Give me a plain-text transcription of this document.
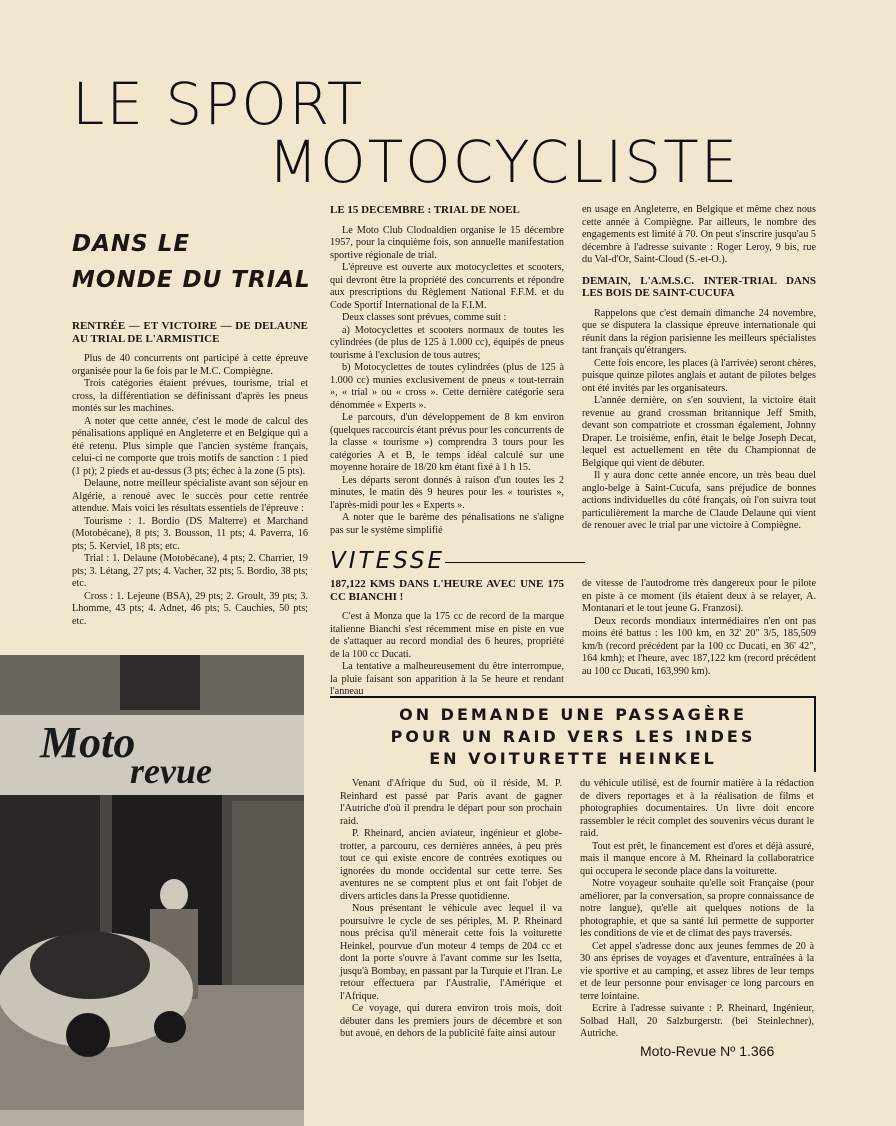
LE SPORT
MOTOCYCLISTE
DANS LE
MONDE DU TRIAL
RENTRÉE — ET VICTOIRE — DE DELAUNE AU TRIAL DE L'ARMISTICE

Plus de 40 concurrents ont participé à cette épreuve organisée pour la 6e fois par le M.C. Compiègne.

Trois catégories étaient prévues, tourisme, trial et cross, la différentiation se définissant d'après les pneus montés sur les machines.

A noter que cette année, c'est le mode de calcul des pénalisations appliqué en Angleterre et en Belgique qui a été retenu. Plus simple que l'ancien système français, celui-ci ne comporte que trois motifs de sanction : 1 pied (1 pt); 2 pieds et au-dessus (3 pts; échec à la zone (5 pts).

Delaune, notre meilleur spécialiste avant son séjour en Algérie, a renoué avec le succès pour cette rentrée attendue. Mais voici les résultats essentiels de l'épreuve :

Tourisme : 1. Bordio (DS Malterre) et Marchand (Motobécane), 8 pts; 3. Bousson, 11 pts; 4. Paverra, 16 pts; 5. Kerviel, 18 pts; etc.

Trial : 1. Delaune (Motobécane), 4 pts; 2. Charrier, 19 pts; 3. Létang, 27 pts; 4. Vacher, 32 pts; 5. Bordio, 38 pts; etc.

Cross : 1. Lejeune (BSA), 29 pts; 2. Groult, 39 pts; 3. Lhomme, 43 pts; 4. Adnet, 46 pts; 5. Cauchies, 50 pts; etc.

LE 15 DECEMBRE : TRIAL DE NOEL

Le Moto Club Clodoaldien organise le 15 décembre 1957, pour la cinquième fois, son annuelle manifestation sportive régionale de trial.

L'épreuve est ouverte aux motocyclettes et scooters, qui devront être la propriété des concurrents et répondre aux prescriptions du Règlement National F.F.M. et du Code Sportif International de la F.I.M.

Deux classes sont prévues, comme suit :

a) Motocyclettes et scooters normaux de toutes les cylindrées (de plus de 125 à 1.000 cc), équipés de pneus tourisme à l'exclusion de tous autres;

b) Motocyclettes de toutes cylindrées (plus de 125 à 1.000 cc) munies exclusivement de pneus « tout-terrain », « trial » ou « cross ». Cette dernière catégorie sera dénommée « Experts ».

Le parcours, d'un développement de 8 km environ (quelques raccourcis étant prévus pour les concurrents de la classe « tourisme ») comprendra 3 tours pour les catégories A et B, le temps idéal calculé sur une moyenne horaire de 18/20 km étant fixé à 1 h 15.

Les départs seront donnés à raison d'un toutes les 2 minutes, le matin dès 9 heures pour les « touristes », l'après-midi pour les « Experts ».

A noter que le barème des pénalisations ne s'aligne pas sur le système simplifié

en usage en Angleterre, en Belgique et même chez nous cette année à Compiègne. Par ailleurs, le nombre des engagements est limité à 70. On peut s'inscrire jusqu'au 5 décembre à l'adresse suivante : Roger Leroy, 9 bis, rue du Val-d'Or, Saint-Cloud (S.-et-O.).

DEMAIN, L'A.M.S.C. INTER-TRIAL DANS LES BOIS DE SAINT-CUCUFA

Rappelons que c'est demain dimanche 24 novembre, que se disputera la classique épreuve internationale qui réunit dans la région parisienne les meilleurs spécialistes tant français qu'étrangers.

Cette fois encore, les places (à l'arrivée) seront chères, puisque quinze pilotes anglais et autant de pilotes belges ont été invités par les organisateurs.

L'année dernière, on s'en souvient, la victoire était revenue au grand crossman britannique Jeff Smith, devant son compatriote et crossman également, Johnny Draper. Le troisième, enfin, était le belge Joseph Decat, lequel est actuellement en tête du Championnat de Belgique qui vient de débuter.

Il y aura donc cette année encore, un très beau duel anglo-belge à Saint-Cucufa, sans préjudice de bonnes actions individuelles du côté français, où l'on suivra tout particulièrement la marche de Claude Delaune qui vient de renouer avec le trial par une victoire à Compiègne.

VITESSE
187,122 KMS DANS L'HEURE AVEC UNE 175 CC BIANCHI !

C'est à Monza que la 175 cc de record de la marque italienne Bianchi s'est récemment mise en piste en vue de s'attaquer au record mondial des 6 heures, propriété de la 100 cc Ducati.

La tentative a malheureusement du être interrompue, la pluie faisant son apparition à la 5e heure et rendant l'anneau

de vitesse de l'autodrome très dangereux pour le pilote en piste à ce moment (ils étaient deux à se relayer, A. Montanari et le tout jeune G. Franzosi).

Deux records mondiaux intermédiaires n'en ont pas moins été battus : les 100 km, en 32' 20" 3/5, 185,509 km/h (record précédent par la 100 cc Ducati, en 36' 42", 164 kmh); et l'heure, avec 187,122 km (record précédent au 100 cc Ducati, 163,990 km).

ON DEMANDE UNE PASSAGÈRE
POUR UN RAID VERS LES INDES
EN VOITURETTE HEINKEL

Venant d'Afrique du Sud, où il réside, M. P. Reinhard est passé par Paris avant de gagner l'Autriche d'où il prendra le départ pour son prochain raid.

P. Rheinard, ancien aviateur, ingénieur et globe-trotter, a parcouru, ces dernières années, à peu près tout ce qui existe encore de contrées exotiques ou ignorées du monde occidental sur cette terre. Ses aventures ne se comptent plus et ont fait l'objet de divers articles dans la Presse quotidienne.

Nous présentant le véhicule avec lequel il va poursuivre le cycle de ses périples, M. P. Rheinard nous précisa qu'il mènerait cette fois la voiturette Heinkel, pourvue d'un moteur 4 temps de 204 cc et dont la porte s'ouvre à l'avant comme sur les Isetta, jusqu'à Bombay, en passant par la Turquie et l'Iran. Le retour effectuera par l'Australie, l'Amérique et l'Afrique.

Ce voyage, qui durera environ trois mois, doit débuter dans les premiers jours de décembre et son but avoué, en dehors de la publicité faite ainsi autour

du véhicule utilisé, est de fournir matière à la rédaction de divers reportages et à la réalisation de films et photographies documentaires. Un livre doit encore rassembler le récit complet des souvenirs vécus durant le raid.

Tout est prêt, le financement est d'ores et déjà assuré, mais il manque encore à M. Rheinard la collaboratrice qui occupera le seconde place dans la voiturette.

Notre voyageur souhaite qu'elle soit Française (pour améliorer, par la conversation, sa propre connaissance de notre langue), qu'elle ait quelques notions de la photographie, et que sa santé lui permette de supporter les conditions de vie et de climat des pays traversés.

Cet appel s'adresse donc aux jeunes femmes de 20 à 30 ans éprises de voyages et d'aventure, entraînées à la vie sportive et au camping, et assez libres de leur temps et de leur personne pour envisager ce long parcours en terre lointaine.

Ecrire à l'adresse suivante : P. Rheinard, Ingénieur, Solbad Hall, 20 Salzburgerstr. (bei Steinlechner), Autriche.

Moto
revue
Moto-Revue Nº 1.366
